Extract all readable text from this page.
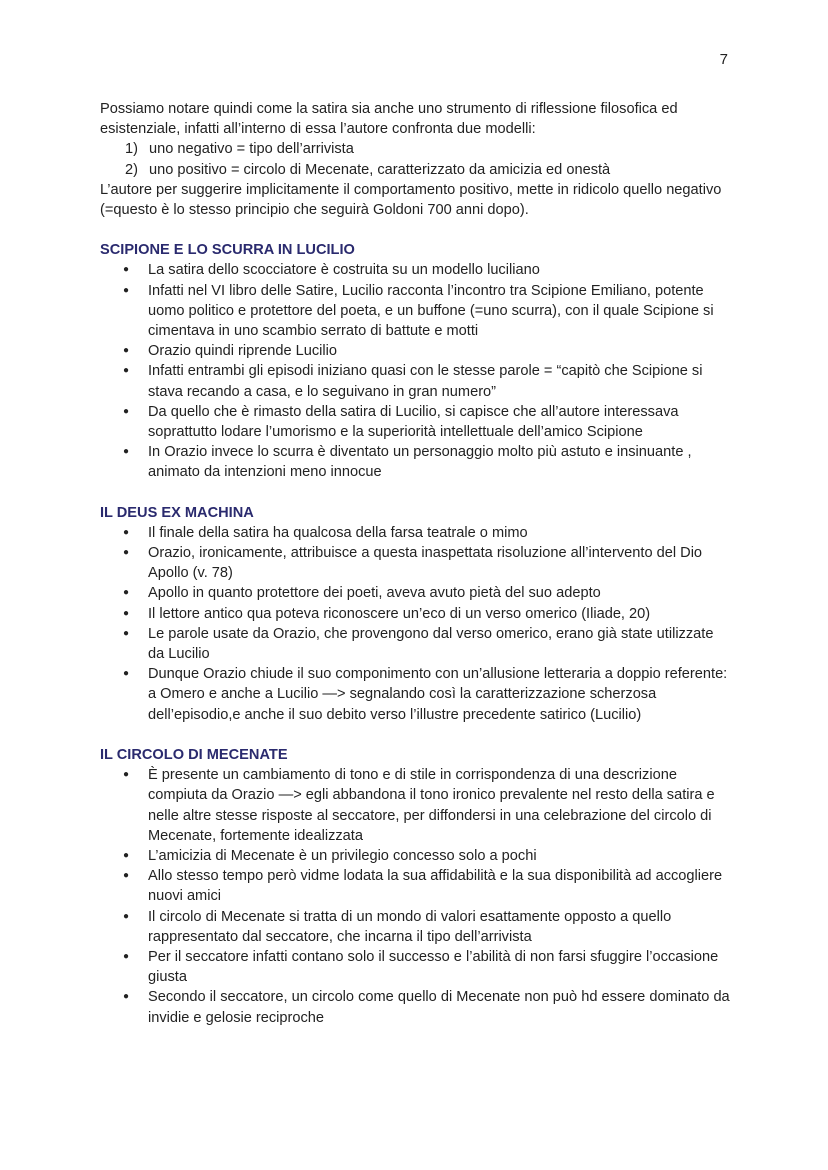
7

Possiamo notare quindi come la satira sia anche uno strumento di riflessione filosofica ed esistenziale, infatti all’interno di essa l’autore confronta due modelli:

1) uno negativo = tipo dell’arrivista
2) uno positivo = circolo di Mecenate, caratterizzato da amicizia ed onestà

L’autore per suggerire implicitamente il comportamento positivo, mette in ridicolo quello negativo (=questo è lo stesso principio che seguirà Goldoni 700 anni dopo).

SCIPIONE E LO SCURRA IN LUCILIO
● La satira dello scocciatore è costruita su un modello luciliano
● Infatti nel VI libro delle Satire, Lucilio racconta l’incontro tra Scipione Emiliano, potente uomo politico e protettore del poeta, e un buffone (=uno scurra), con il quale Scipione si cimentava in uno scambio serrato di battute e motti
● Orazio quindi riprende Lucilio
● Infatti entrambi gli episodi iniziano quasi con le stesse parole = “capitò che Scipione si stava recando a casa, e lo seguivano in gran numero”
● Da quello che è rimasto della satira di Lucilio, si capisce che all’autore interessava soprattutto lodare l’umorismo e la superiorità intellettuale dell’amico Scipione
● In Orazio invece lo scurra è diventato un personaggio molto più astuto e insinuante , animato da intenzioni meno innocue
IL DEUS EX MACHINA
● Il finale della satira ha qualcosa della farsa teatrale o mimo
● Orazio, ironicamente, attribuisce a questa inaspettata risoluzione all’intervento del Dio Apollo (v. 78)
● Apollo in quanto protettore dei poeti, aveva avuto pietà del suo adepto
● Il lettore antico qua poteva riconoscere un’eco di un verso omerico (Iliade, 20)
● Le parole usate da Orazio, che provengono dal verso omerico, erano già state utilizzate da Lucilio
● Dunque Orazio chiude il suo componimento con un’allusione letteraria a doppio referente: a Omero e anche a Lucilio —> segnalando così la caratterizzazione scherzosa dell’episodio,e anche il suo debito verso l’illustre precedente satirico (Lucilio)
IL CIRCOLO DI MECENATE
● È presente un cambiamento di tono e di stile in corrispondenza di una descrizione compiuta da Orazio —> egli abbandona il tono ironico prevalente nel resto della satira e nelle altre stesse risposte al seccatore, per diffondersi in una celebrazione del circolo di Mecenate, fortemente idealizzata
● L’amicizia di Mecenate è un privilegio concesso solo a pochi
● Allo stesso tempo però vidme lodata la sua affidabilità e la sua disponibilità ad accogliere nuovi amici
● Il circolo di Mecenate si tratta di un mondo di valori esattamente opposto a quello rappresentato dal seccatore, che incarna il tipo dell’arrivista
● Per il seccatore infatti contano solo il successo e l’abilità di non farsi sfuggire l’occasione giusta
● Secondo il seccatore, un circolo come quello di Mecenate non può hd essere dominato da invidie e gelosie reciproche
